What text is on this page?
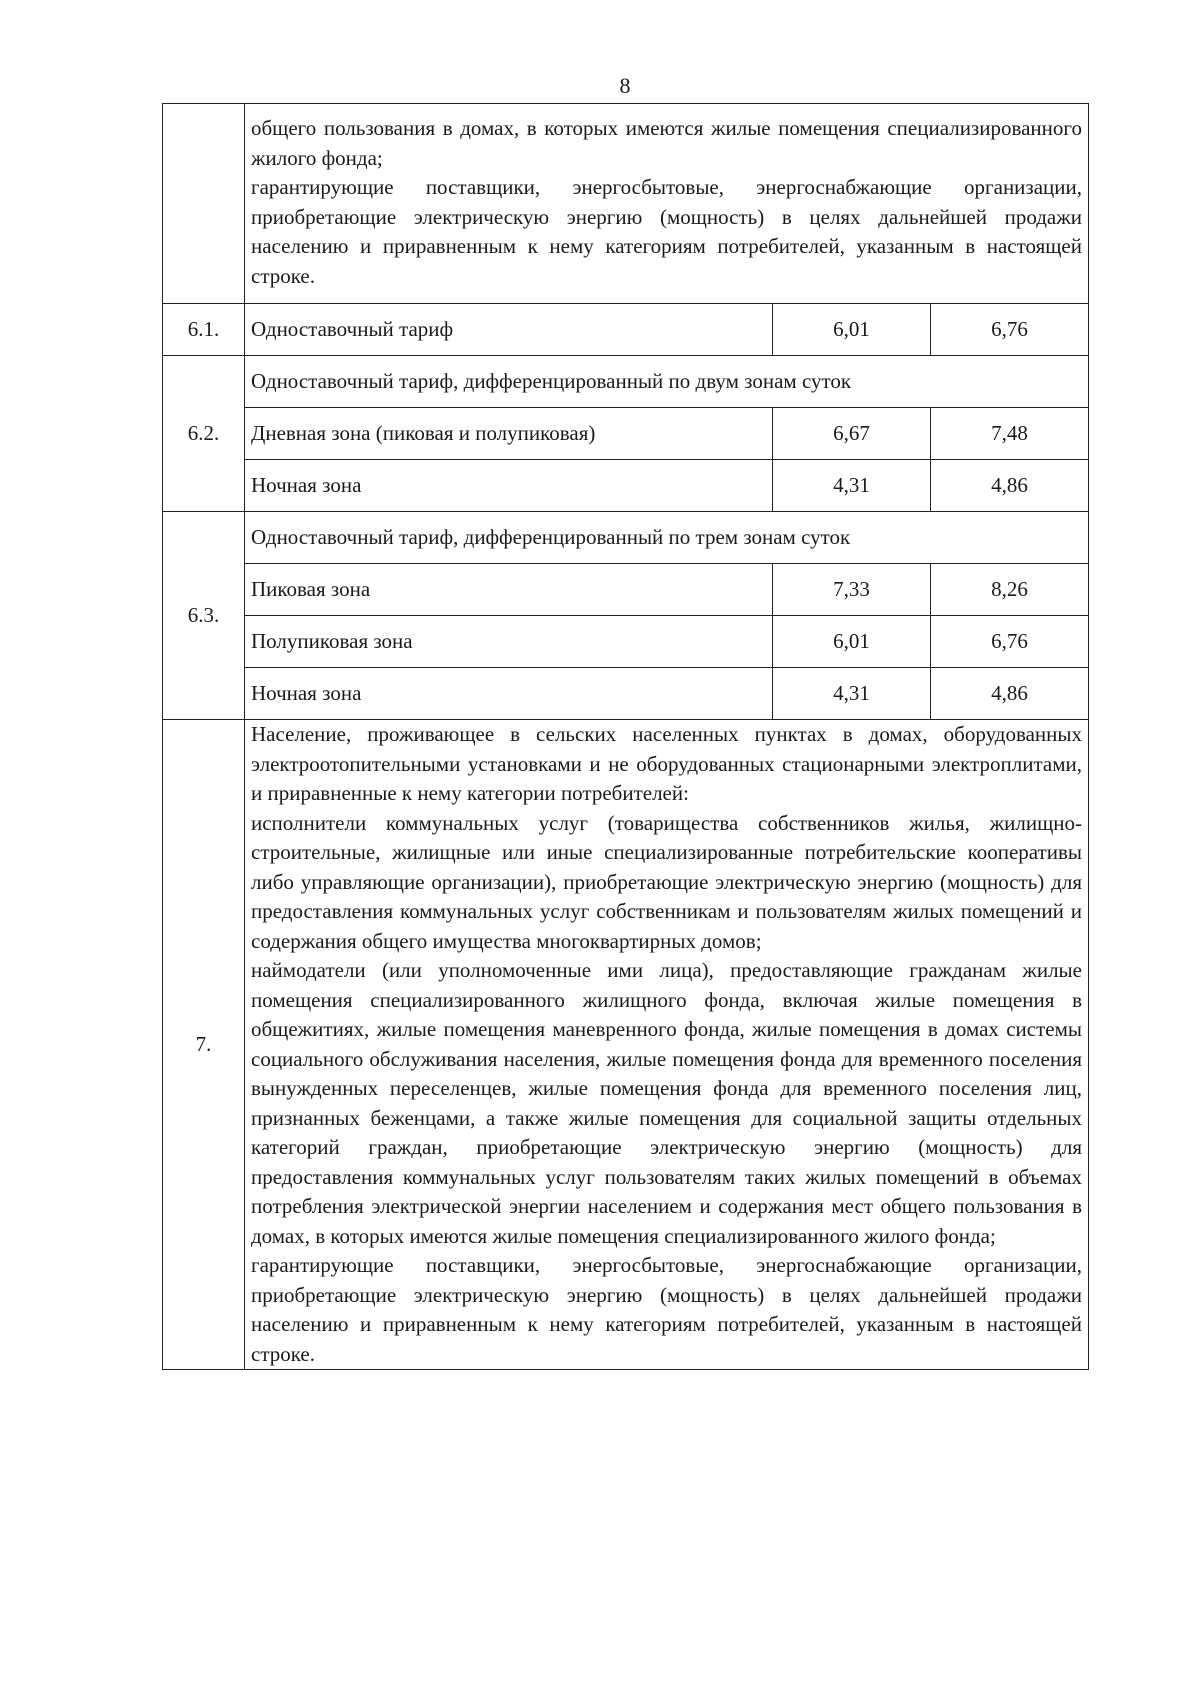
8

	общего пользования в домах, в которых имеются жилые помещения специализированного жилого фонда;

гарантирующие поставщики, энергосбытовые, энергоснабжающие организации, приобретающие электрическую энергию (мощность) в целях дальнейшей продажи населению и приравненным к нему категориям потребителей, указанным в настоящей строке.		

6.1.	Одноставочный тариф	6,01	6,76
6.2.	Одноставочный тариф, дифференцированный по двум зонам суток		
	Дневная зона (пиковая и полупиковая)	6,67	7,48
	Ночная зона	4,31	4,86
6.3.	Одноставочный тариф, дифференцированный по трем зонам суток		
	Пиковая зона	7,33	8,26
	Полупиковая зона	6,01	6,76
	Ночная зона	4,31	4,86
7.	Население, проживающее в сельских населенных пунктах в домах, оборудованных электроотопительными установками и не оборудованных стационарными электроплитами, и приравненные к нему категории потребителей:

исполнители коммунальных услуг (товарищества собственников жилья, жилищно-строительные, жилищные или иные специализированные потребительские кооперативы либо управляющие организации), приобретающие электрическую энергию (мощность) для предоставления коммунальных услуг собственникам и пользователям жилых помещений и содержания общего имущества многоквартирных домов;

наймодатели (или уполномоченные ими лица), предоставляющие гражданам жилые помещения специализированного жилищного фонда, включая жилые помещения в общежитиях, жилые помещения маневренного фонда, жилые помещения в домах системы социального обслуживания населения, жилые помещения фонда для временного поселения вынужденных переселенцев, жилые помещения фонда для временного поселения лиц, признанных беженцами, а также жилые помещения для социальной защиты отдельных категорий граждан, приобретающие электрическую энергию (мощность) для предоставления коммунальных услуг пользователям таких жилых помещений в объемах потребления электрической энергии населением и содержания мест общего пользования в домах, в которых имеются жилые помещения специализированного жилого фонда;

гарантирующие поставщики, энергосбытовые, энергоснабжающие организации, приобретающие электрическую энергию (мощность) в целях дальнейшей продажи населению и приравненным к нему категориям потребителей, указанным в настоящей строке.		
